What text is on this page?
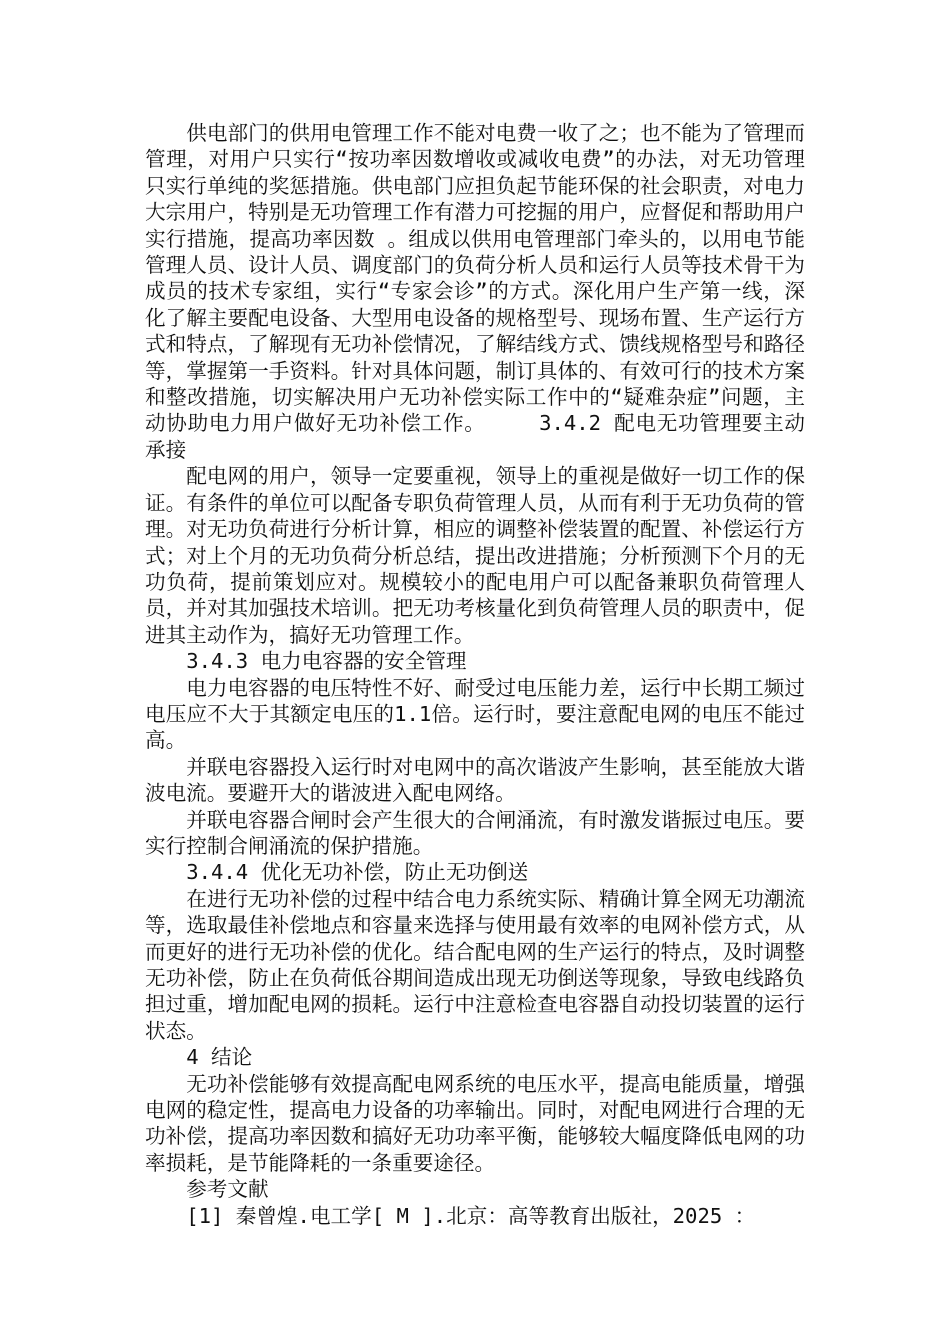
供电部门的供用电管理工作不能对电费一收了之；也不能为了管理而管理，对用户只实行“按功率因数增收或减收电费”的办法，对无功管理只实行单纯的奖惩措施。供电部门应担负起节能环保的社会职责，对电力大宗用户，特别是无功管理工作有潜力可挖掘的用户，应督促和帮助用户实行措施，提高功率因数 。组成以供用电管理部门牵头的，以用电节能管理人员、设计人员、调度部门的负荷分析人员和运行人员等技术骨干为成员的技术专家组，实行“专家会诊”的方式。深化用户生产第一线，深化了解主要配电设备、大型用电设备的规格型号、现场布置、生产运行方式和特点，了解现有无功补偿情况，了解结线方式、馈线规格型号和路径等，掌握第一手资料。针对具体问题，制订具体的、有效可行的技术方案和整改措施，切实解决用户无功补偿实际工作中的“疑难杂症”问题，主动协助电力用户做好无功补偿工作。	3.4.2 配电无功管理要主动承接

配电网的用户，领导一定要重视，领导上的重视是做好一切工作的保证。有条件的单位可以配备专职负荷管理人员，从而有利于无功负荷的管理。对无功负荷进行分析计算，相应的调整补偿装置的配置、补偿运行方式；对上个月的无功负荷分析总结，提出改进措施；分析预测下个月的无功负荷，提前策划应对。规模较小的配电用户可以配备兼职负荷管理人员，并对其加强技术培训。把无功考核量化到负荷管理人员的职责中，促进其主动作为，搞好无功管理工作。

3.4.3 电力电容器的安全管理

电力电容器的电压特性不好、耐受过电压能力差，运行中长期工频过电压应不大于其额定电压的1.1倍。运行时，要注意配电网的电压不能过高。

并联电容器投入运行时对电网中的高次谐波产生影响，甚至能放大谐波电流。要避开大的谐波进入配电网络。

并联电容器合闸时会产生很大的合闸涌流，有时激发谐振过电压。要实行控制合闸涌流的保护措施。

3.4.4 优化无功补偿，防止无功倒送

在进行无功补偿的过程中结合电力系统实际、精确计算全网无功潮流等，选取最佳补偿地点和容量来选择与使用最有效率的电网补偿方式，从而更好的进行无功补偿的优化。结合配电网的生产运行的特点，及时调整无功补偿，防止在负荷低谷期间造成出现无功倒送等现象，导致电线路负担过重，增加配电网的损耗。运行中注意检查电容器自动投切装置的运行状态。

4 结论

无功补偿能够有效提高配电网系统的电压水平，提高电能质量，增强电网的稳定性，提高电力设备的功率输出。同时，对配电网进行合理的无功补偿，提高功率因数和搞好无功功率平衡，能够较大幅度降低电网的功率损耗，是节能降耗的一条重要途径。

参考文献

[1] 秦曾煌.电工学[ M ].北京：高等教育出版社，2025 ：
